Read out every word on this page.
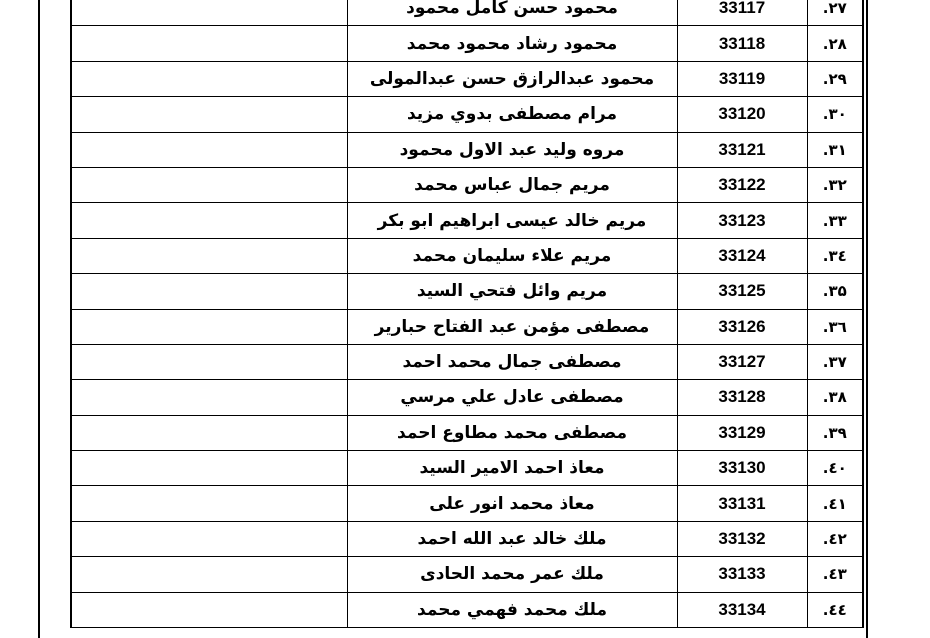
	محمود حسن كامل محمود	33117	۲۷.
	محمود رشاد محمود محمد	33118	۲۸.
	محمود عبدالرازق حسن عبدالمولى	33119	۲۹.
	مرام مصطفى بدوي مزيد	33120	۳۰.
	مروه وليد عبد الاول محمود	33121	۳۱.
	مريم جمال عباس محمد	33122	۳۲.
	مريم خالد عيسى ابراهيم ابو بكر	33123	۳۳.
	مريم علاء سليمان محمد	33124	۳٤.
	مريم وائل فتحي السيد	33125	۳۵.
	مصطفى مؤمن عبد الفتاح حبارير	33126	۳٦.
	مصطفى جمال محمد احمد	33127	۳۷.
	مصطفى عادل علي مرسي	33128	۳۸.
	مصطفى محمد مطاوع احمد	33129	۳۹.
	معاذ احمد الامير السيد	33130	٤۰.
	معاذ محمد انور على	33131	٤۱.
	ملك خالد عبد الله احمد	33132	٤۲.
	ملك عمر محمد الحادى	33133	٤۳.
	ملك محمد فهمي محمد	33134	٤٤.
